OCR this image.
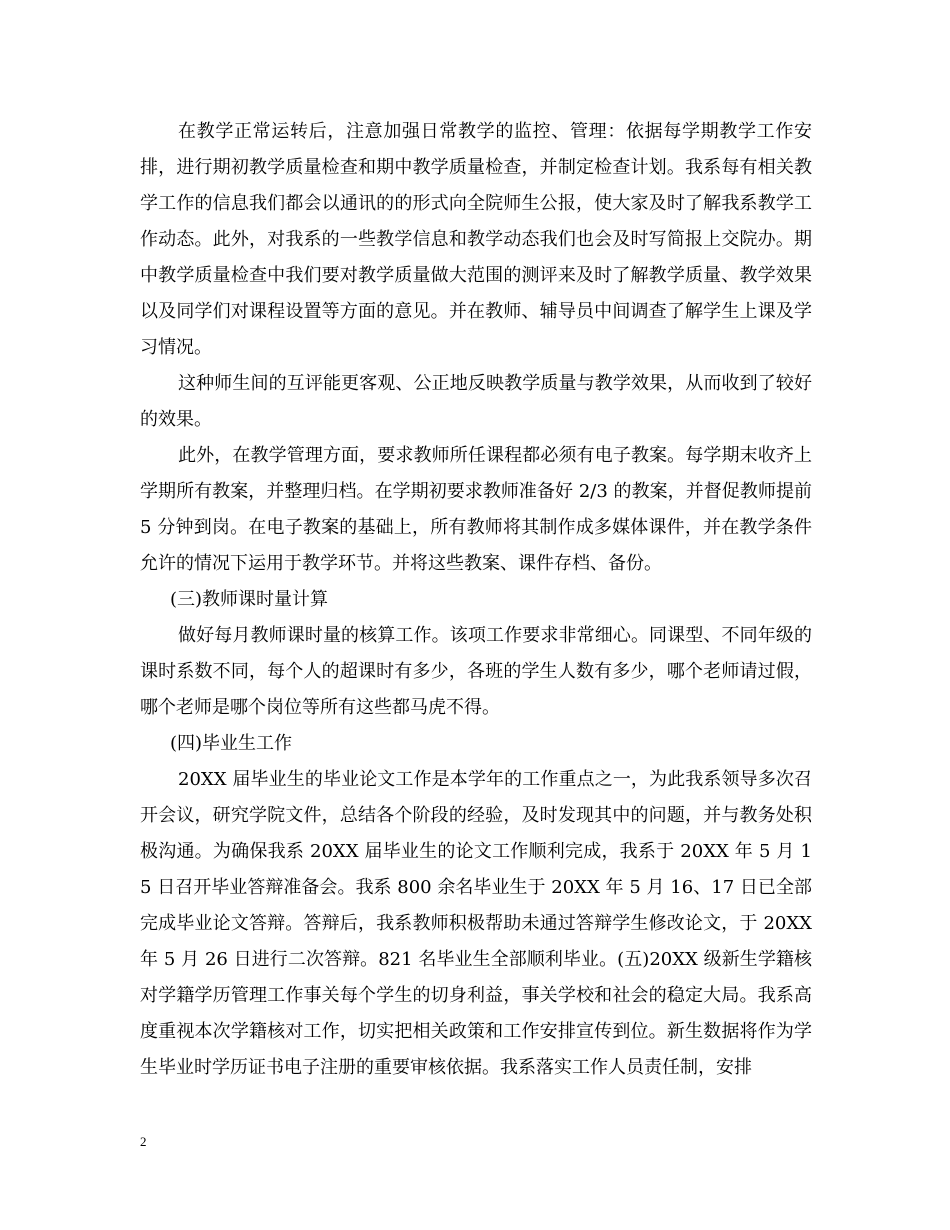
在教学正常运转后，注意加强日常教学的监控、管理：依据每学期教学工作安排，进行期初教学质量检查和期中教学质量检查，并制定检查计划。我系每有相关教学工作的信息我们都会以通讯的的形式向全院师生公报，使大家及时了解我系教学工作动态。此外，对我系的一些教学信息和教学动态我们也会及时写简报上交院办。期中教学质量检查中我们要对教学质量做大范围的测评来及时了解教学质量、教学效果以及同学们对课程设置等方面的意见。并在教师、辅导员中间调查了解学生上课及学习情况。

这种师生间的互评能更客观、公正地反映教学质量与教学效果，从而收到了较好的效果。

此外，在教学管理方面，要求教师所任课程都必须有电子教案。每学期末收齐上学期所有教案，并整理归档。在学期初要求教师准备好 2/3 的教案，并督促教师提前 5 分钟到岗。在电子教案的基础上，所有教师将其制作成多媒体课件，并在教学条件允许的情况下运用于教学环节。并将这些教案、课件存档、备份。

(三)教师课时量计算

做好每月教师课时量的核算工作。该项工作要求非常细心。同课型、不同年级的课时系数不同，每个人的超课时有多少，各班的学生人数有多少，哪个老师请过假，哪个老师是哪个岗位等所有这些都马虎不得。

(四)毕业生工作

20XX 届毕业生的毕业论文工作是本学年的工作重点之一，为此我系领导多次召开会议，研究学院文件，总结各个阶段的经验，及时发现其中的问题，并与教务处积极沟通。为确保我系 20XX 届毕业生的论文工作顺利完成，我系于 20XX 年 5 月 15 日召开毕业答辩准备会。我系 800 余名毕业生于 20XX 年 5 月 16、17 日已全部完成毕业论文答辩。答辩后，我系教师积极帮助未通过答辩学生修改论文，于 20XX 年 5 月 26 日进行二次答辩。821 名毕业生全部顺利毕业。(五)20XX 级新生学籍核对学籍学历管理工作事关每个学生的切身利益，事关学校和社会的稳定大局。我系高度重视本次学籍核对工作，切实把相关政策和工作安排宣传到位。新生数据将作为学生毕业时学历证书电子注册的重要审核依据。我系落实工作人员责任制，安排

2
